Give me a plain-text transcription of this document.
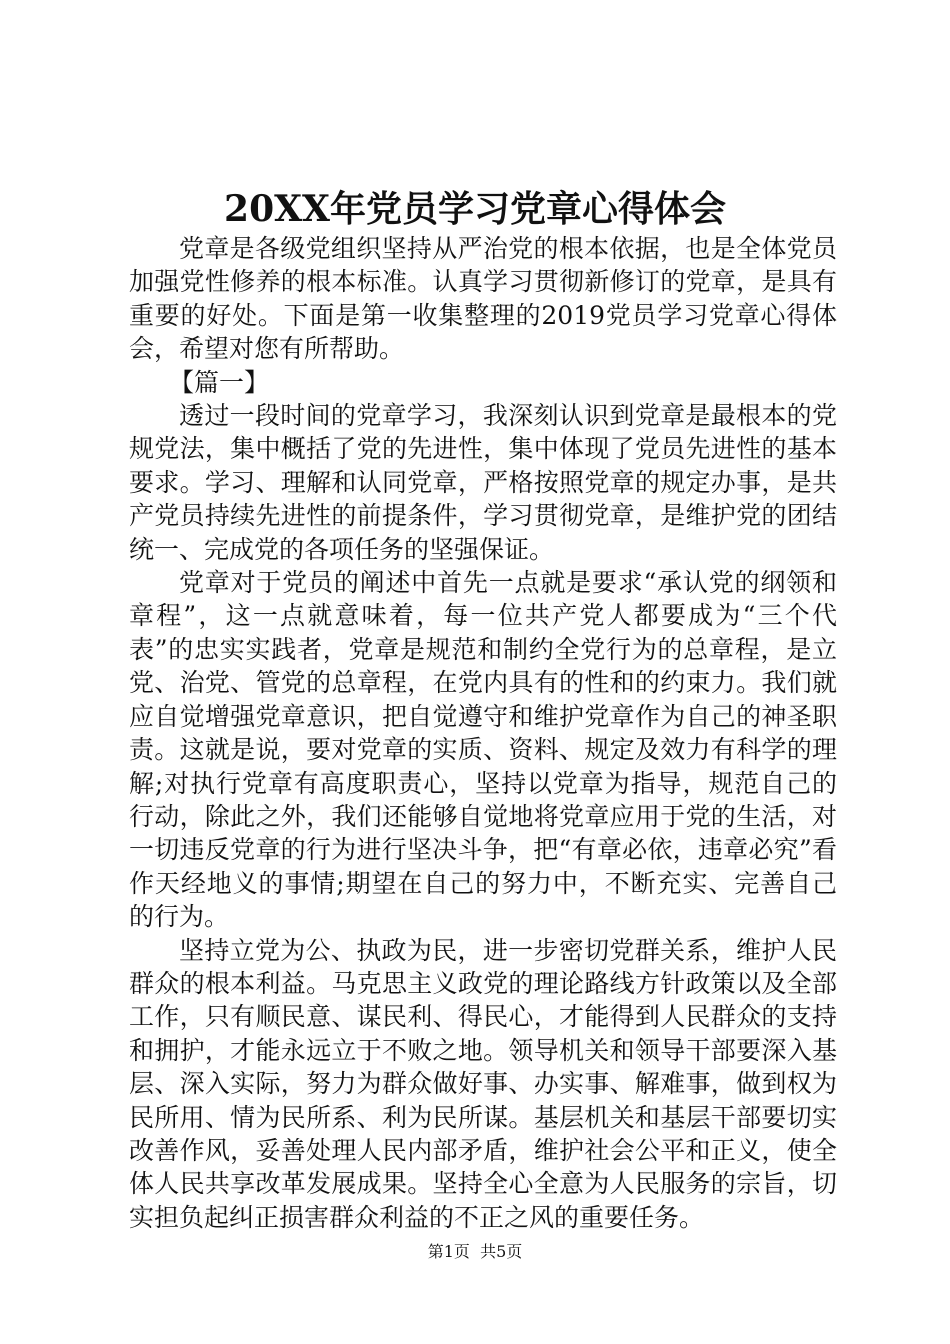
20XX年党员学习党章心得体会

党章是各级党组织坚持从严治党的根本依据，也是全体党员加强党性修养的根本标准。认真学习贯彻新修订的党章，是具有重要的好处。下面是第一收集整理的2019党员学习党章心得体会，希望对您有所帮助。

【篇一】

透过一段时间的党章学习，我深刻认识到党章是最根本的党规党法，集中概括了党的先进性，集中体现了党员先进性的基本要求。学习、理解和认同党章，严格按照党章的规定办事，是共产党员持续先进性的前提条件，学习贯彻党章，是维护党的团结统一、完成党的各项任务的坚强保证。

党章对于党员的阐述中首先一点就是要求“承认党的纲领和章程”，这一点就意味着，每一位共产党人都要成为“三个代表”的忠实实践者，党章是规范和制约全党行为的总章程，是立党、治党、管党的总章程，在党内具有的性和的约束力。我们就应自觉增强党章意识，把自觉遵守和维护党章作为自己的神圣职责。这就是说，要对党章的实质、资料、规定及效力有科学的理解;对执行党章有高度职责心，坚持以党章为指导，规范自己的行动，除此之外，我们还能够自觉地将党章应用于党的生活，对一切违反党章的行为进行坚决斗争，把“有章必依，违章必究”看作天经地义的事情;期望在自己的努力中，不断充实、完善自己的行为。

坚持立党为公、执政为民，进一步密切党群关系，维护人民群众的根本利益。马克思主义政党的理论路线方针政策以及全部工作，只有顺民意、谋民利、得民心，才能得到人民群众的支持和拥护，才能永远立于不败之地。领导机关和领导干部要深入基层、深入实际，努力为群众做好事、办实事、解难事，做到权为民所用、情为民所系、利为民所谋。基层机关和基层干部要切实改善作风，妥善处理人民内部矛盾，维护社会公平和正义，使全体人民共享改革发展成果。坚持全心全意为人民服务的宗旨，切实担负起纠正损害群众利益的不正之风的重要任务。

第1页  共5页
